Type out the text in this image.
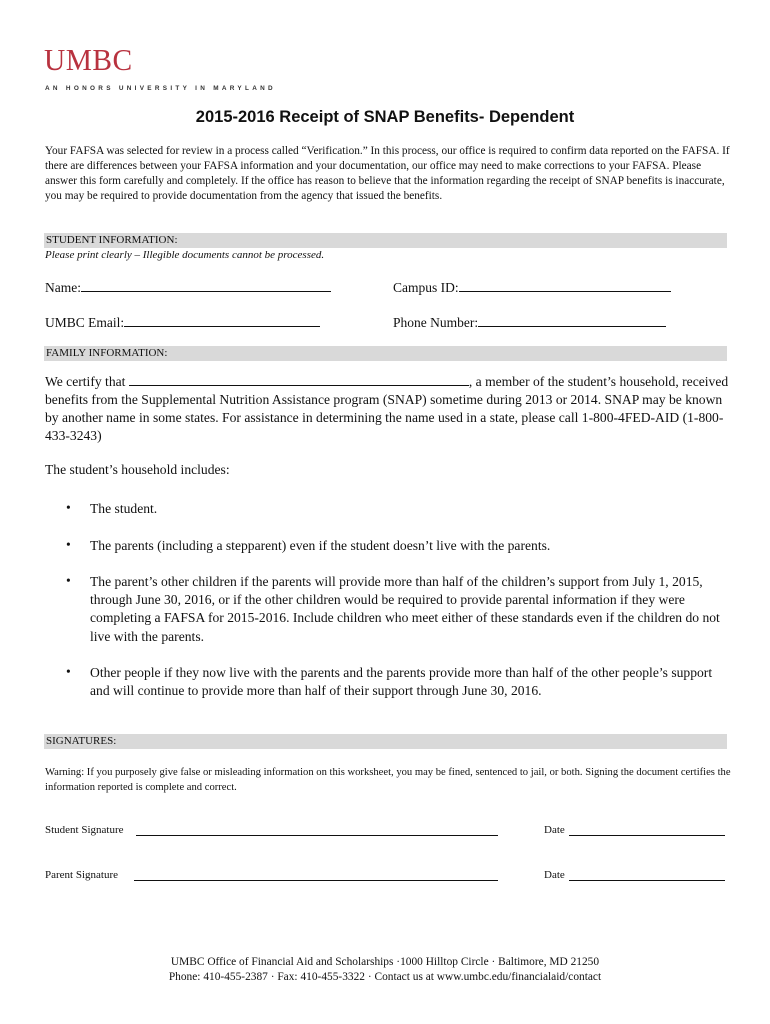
UMBC
AN HONORS UNIVERSITY IN MARYLAND
2015-2016 Receipt of SNAP Benefits- Dependent
Your FAFSA was selected for review in a process called “Verification.” In this process, our office is required to confirm data reported on the FAFSA. If there are differences between your FAFSA information and your documentation, our office may need to make corrections to your FAFSA. Please answer this form carefully and completely. If the office has reason to believe that the information regarding the receipt of SNAP benefits is inaccurate, you may be required to provide documentation from the agency that issued the benefits.
STUDENT INFORMATION:
Please print clearly – Illegible documents cannot be processed.
Name:	Campus ID:
UMBC Email:	Phone Number:
FAMILY INFORMATION:
We certify that	, a member of the student’s household, received benefits from the Supplemental Nutrition Assistance program (SNAP) sometime during 2013 or 2014. SNAP may be known by another name in some states. For assistance in determining the name used in a state, please call 1-800-4FED-AID (1-800-433-3243)
The student’s household includes:
• The student.
• The parents (including a stepparent) even if the student doesn’t live with the parents.
• The parent’s other children if the parents will provide more than half of the children’s support from July 1, 2015, through June 30, 2016, or if the other children would be required to provide parental information if they were completing a FAFSA for 2015-2016. Include children who meet either of these standards even if the children do not live with the parents.
• Other people if they now live with the parents and the parents provide more than half of the other people’s support and will continue to provide more than half of their support through June 30, 2016.
SIGNATURES:
Warning: If you purposely give false or misleading information on this worksheet, you may be fined, sentenced to jail, or both. Signing the document certifies the information reported is complete and correct.
Student Signature	Date
Parent Signature	Date
UMBC Office of Financial Aid and Scholarships ·1000 Hilltop Circle · Baltimore, MD 21250
Phone: 410-455-2387 · Fax: 410-455-3322 · Contact us at www.umbc.edu/financialaid/contact
